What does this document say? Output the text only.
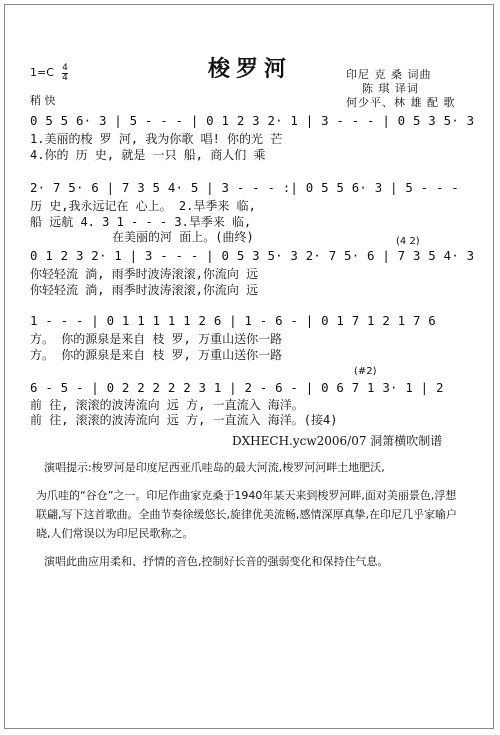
梭罗河
1=C 4
4
稍 快
印尼 克 桑 词曲
陈 琪 译词
何少平、林 雄 配 歌
0 5 5 6· 3 | 5 - - - | 0 1 2 3 2· 1 | 3 - - - | 0 5 3 5· 3
1.美丽的梭 罗 河, 我为你歌 唱! 你的光 芒
4.你的 历 史, 就是 一只 船, 商人们 乘
2· 7 5· 6 | 7 3 5 4· 5 | 3 - - - :| 0 5 5 6· 3 | 5 - - -
历 史,我永远记在 心上。 2.旱季来 临,
船 远航 4. 3 1 - - - 3.旱季来 临,
在美丽的河 面上。(曲终)	(4 2)
0 1 2 3 2· 1 | 3 - - - | 0 5 3 5· 3 2· 7 5· 6 | 7 3 5 4· 3
你轻轻流 淌, 雨季时波涛滚滚,你流向 远
你轻轻流 淌, 雨季时波涛滚滚,你流向 远
1 - - - | 0 1 1 1 1 1 2 6 | 1 - 6 - | 0 1 7 1 2 1 7 6
方。 你的源泉是来自 枝 罗, 万重山送你一路
方。 你的源泉是来自 枝 罗, 万重山送你一路
(#2)
6 - 5 - | 0 2 2 2 2 2 3 1 | 2 - 6 - | 0 6 7 1 3· 1 | 2
前 往, 滚滚的波涛流向 远 方, 一直流入 海洋。
前 往, 滚滚的波涛流向 远 方, 一直流入 海洋。(接4)
DXHECH.ycw2006/07 洞箫横吹制谱
演唱提示:梭罗河是印度尼西亚爪哇岛的最大河流,梭罗河河畔土地肥沃,
为爪哇的“谷仓”之一。印尼作曲家克桑于1940年某天来到梭罗河畔,面对美丽景色,浮想联翩,写下这首歌曲。全曲节奏徐缓悠长,旋律优美流畅,感情深厚真挚,在印尼几乎家喻户晓,人们常误以为印尼民歌称之。
演唱此曲应用柔和、抒情的音色,控制好长音的强弱变化和保持住气息。
